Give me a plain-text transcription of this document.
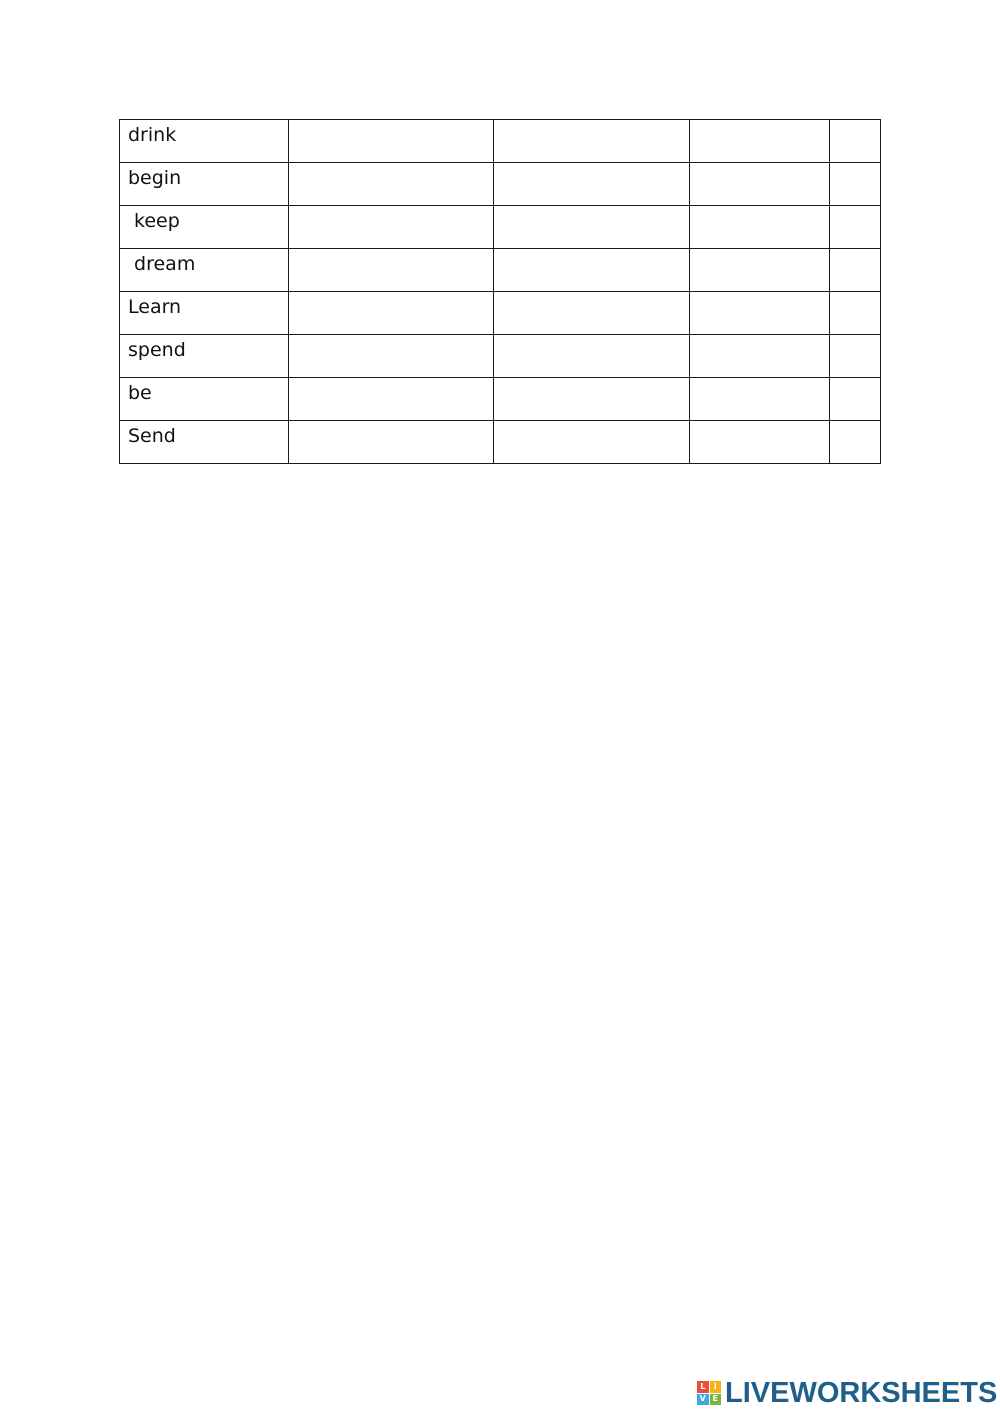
drink				

begin				

keep				

dream				

Learn				

spend				

be				

Send				

L	I
V E LIVEWORKSHEETS
